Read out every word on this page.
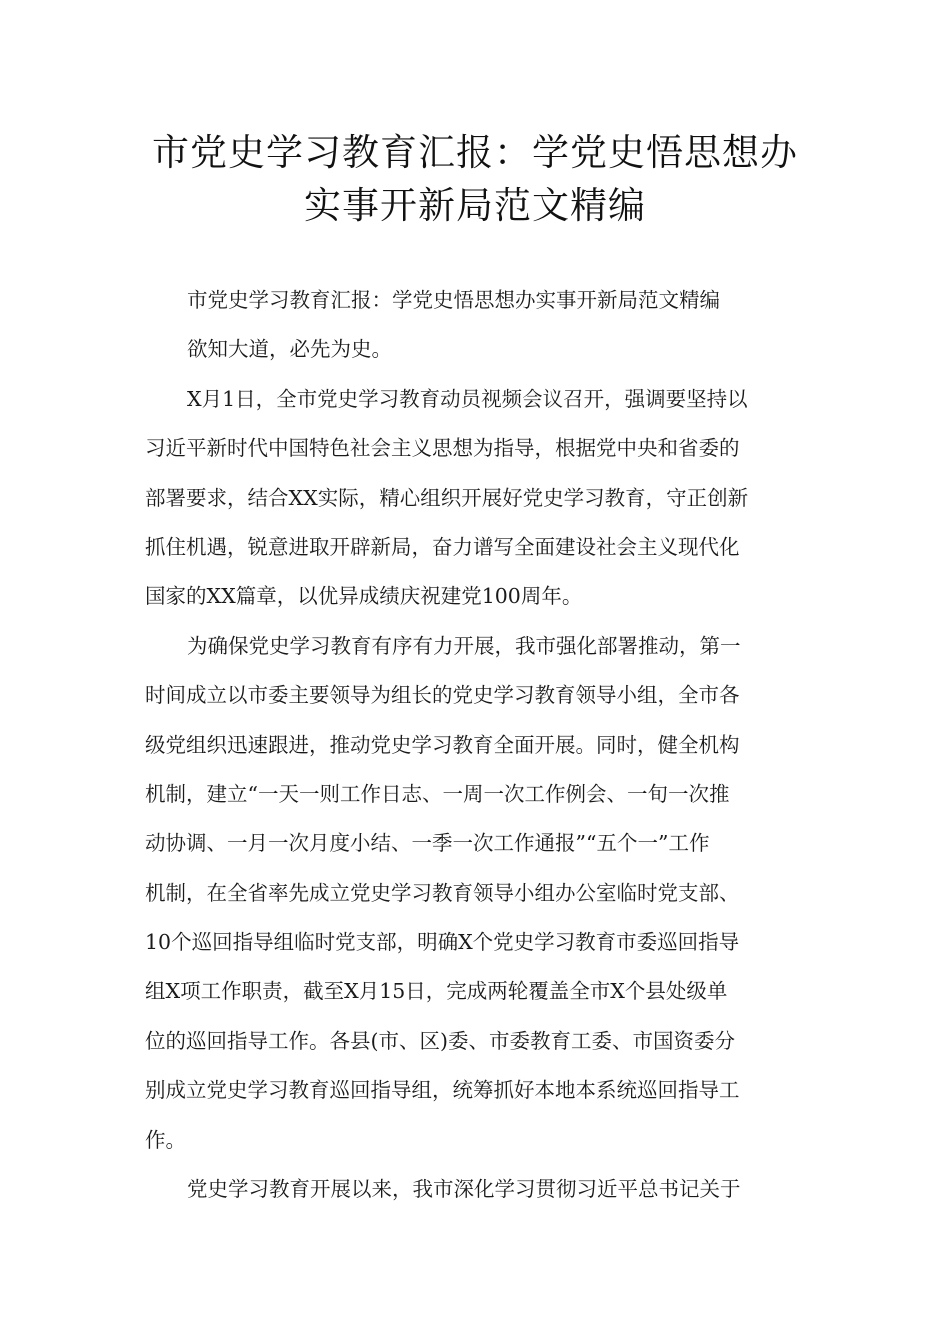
市党史学习教育汇报：学党史悟思想办
实事开新局范文精编
市党史学习教育汇报：学党史悟思想办实事开新局范文精编
欲知大道，必先为史。
X月1日，全市党史学习教育动员视频会议召开，强调要坚持以
习近平新时代中国特色社会主义思想为指导，根据党中央和省委的
部署要求，结合XX实际，精心组织开展好党史学习教育，守正创新
抓住机遇，锐意进取开辟新局，奋力谱写全面建设社会主义现代化
国家的XX篇章，以优异成绩庆祝建党100周年。
为确保党史学习教育有序有力开展，我市强化部署推动，第一
时间成立以市委主要领导为组长的党史学习教育领导小组，全市各
级党组织迅速跟进，推动党史学习教育全面开展。同时，健全机构
机制，建立“一天一则工作日志、一周一次工作例会、一旬一次推
动协调、一月一次月度小结、一季一次工作通报”“五个一”工作
机制，在全省率先成立党史学习教育领导小组办公室临时党支部、
10个巡回指导组临时党支部，明确X个党史学习教育市委巡回指导
组X项工作职责，截至X月15日，完成两轮覆盖全市X个县处级单
位的巡回指导工作。各县(市、区)委、市委教育工委、市国资委分
别成立党史学习教育巡回指导组，统筹抓好本地本系统巡回指导工
作。
党史学习教育开展以来，我市深化学习贯彻习近平总书记关于
